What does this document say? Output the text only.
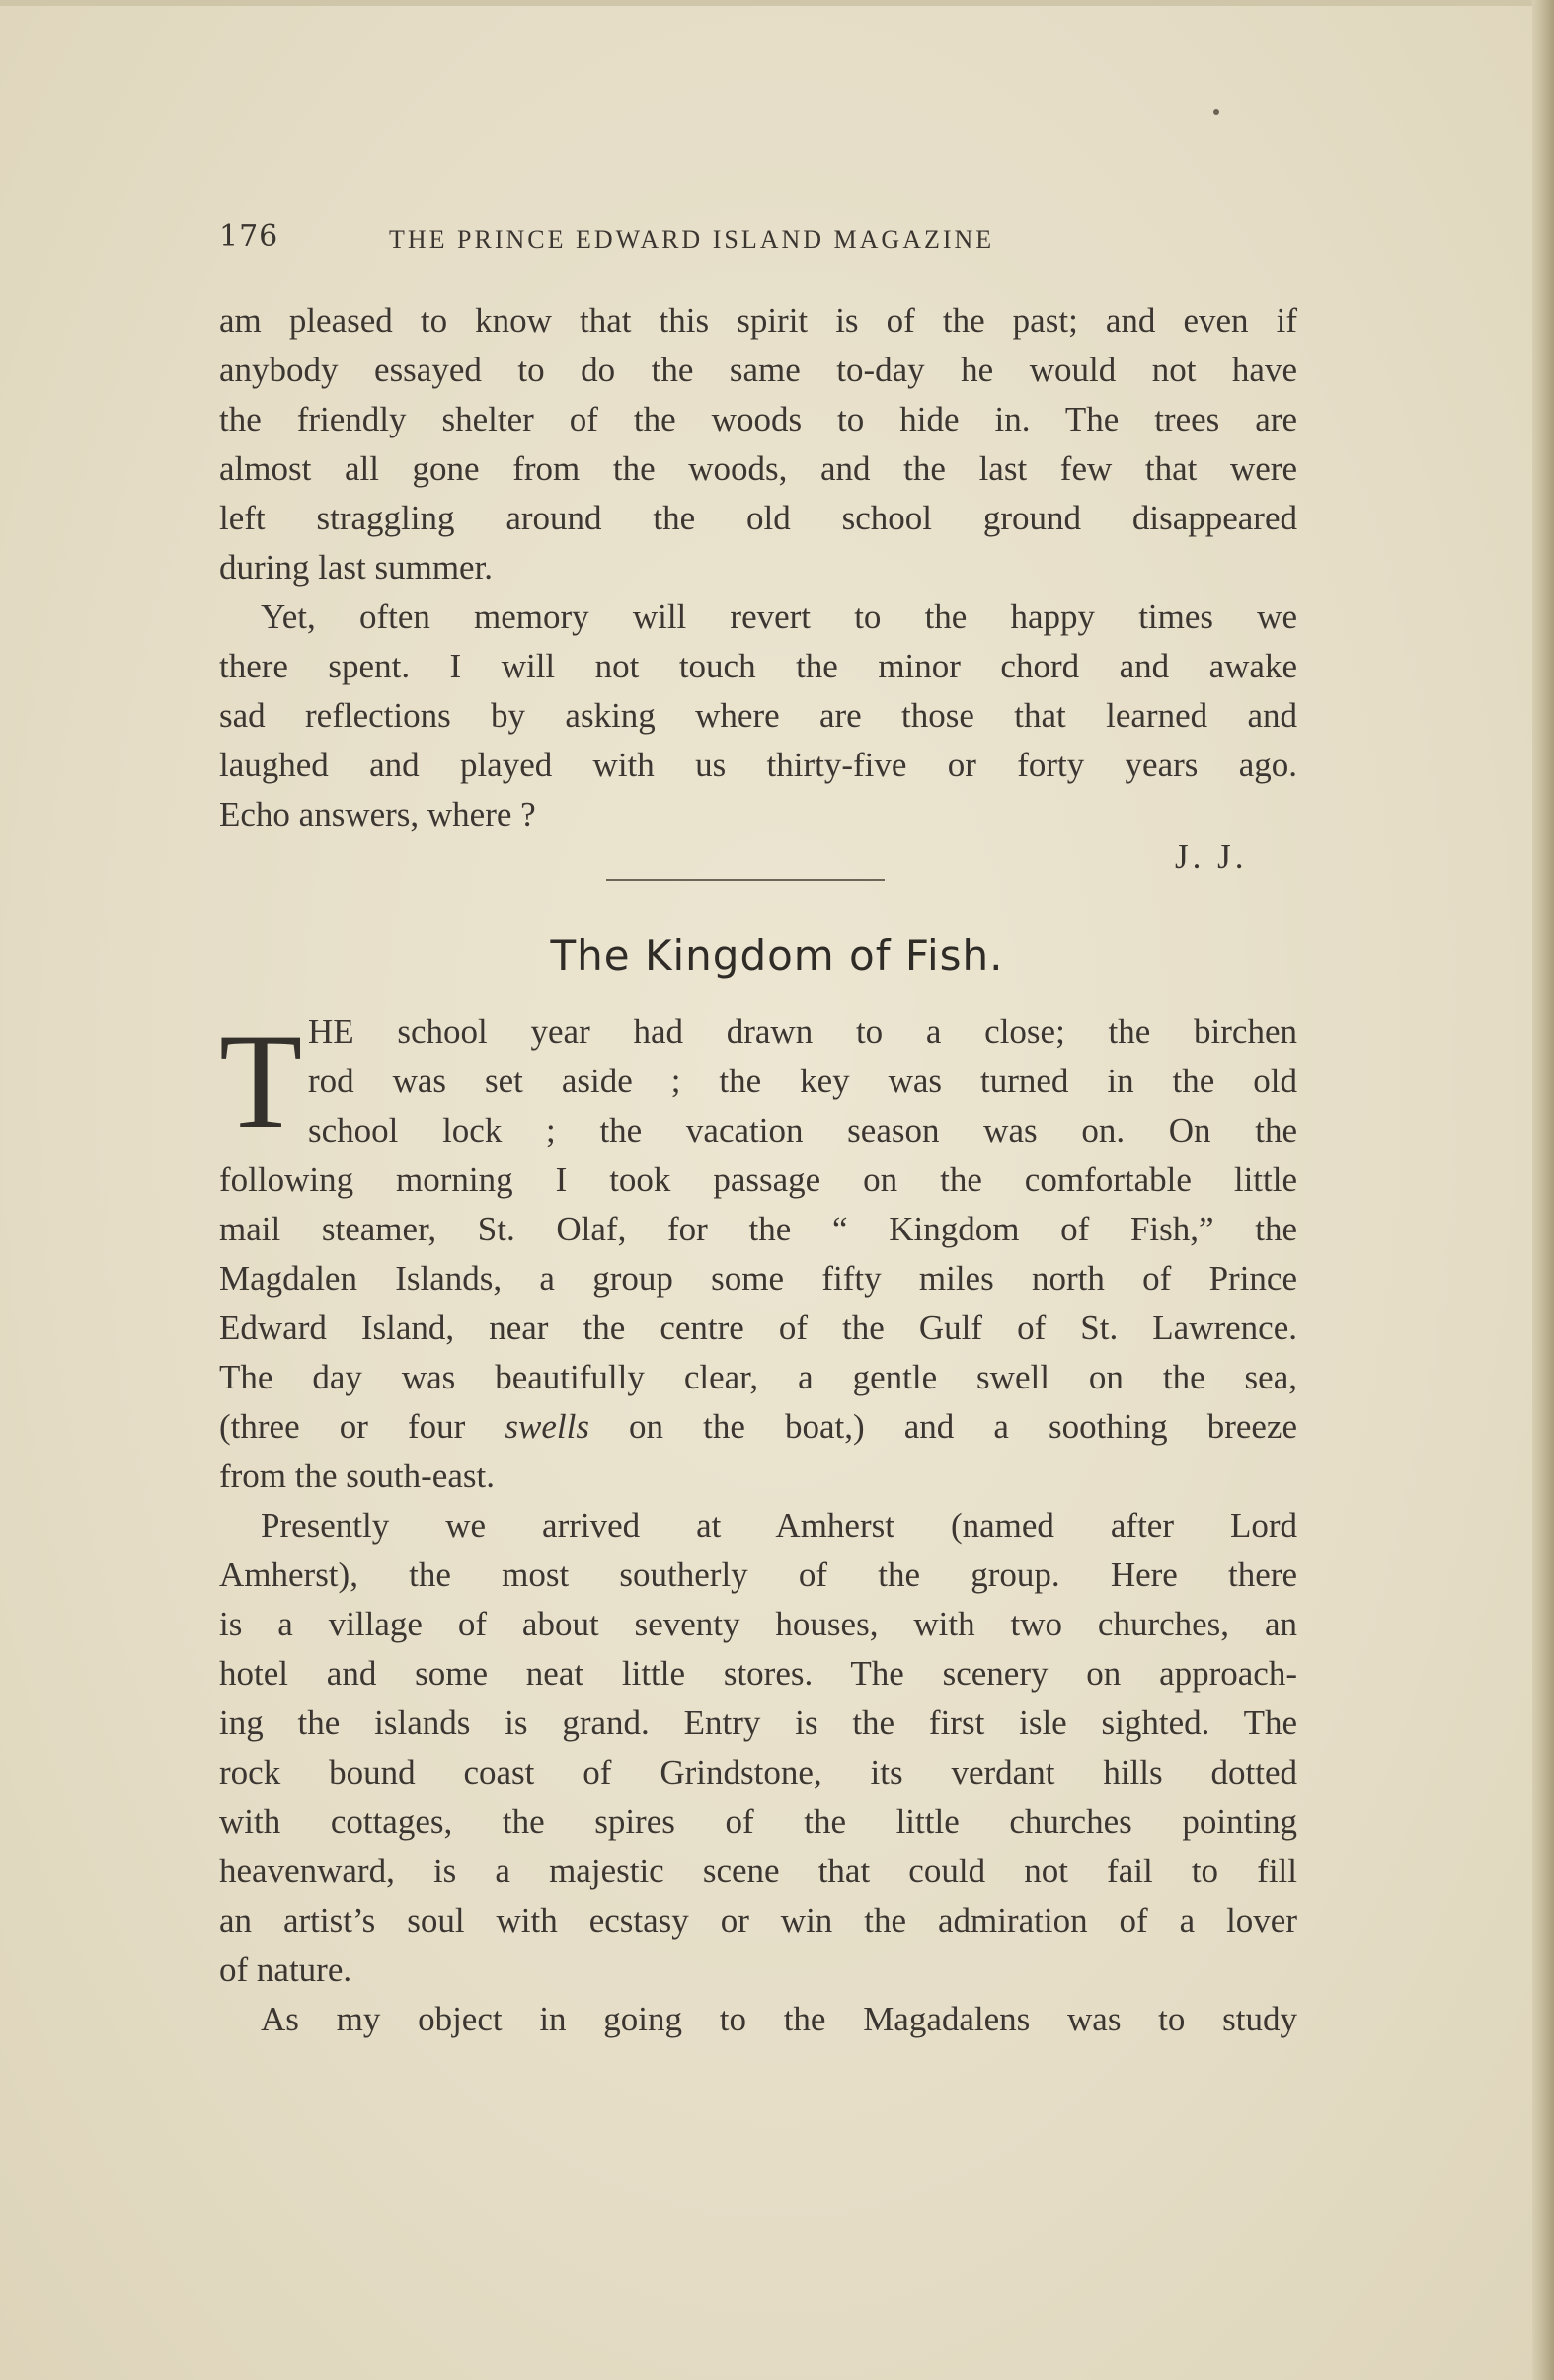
176	THE PRINCE EDWARD ISLAND MAGAZINE

am pleased to know that this spirit is of the past; and even if

anybody essayed to do the same to-day he would not have

the friendly shelter of the woods to hide in. The trees are

almost all gone from the woods, and the last few that were

left straggling around the old school ground disappeared

during last summer.

Yet, often memory will revert to the happy times we

there spent. I will not touch the minor chord and awake

sad reflections by asking where are those that learned and

laughed and played with us thirty-five or forty years ago.

Echo answers, where ?

J. J.
The Kingdom of Fish.
T HE school year had drawn to a close; the birchen

rod was set aside ; the key was turned in the old

school lock ; the vacation season was on. On the

following morning I took passage on the comfortable little

mail steamer, St. Olaf, for the “ Kingdom of Fish,” the

Magdalen Islands, a group some fifty miles north of Prince

Edward Island, near the centre of the Gulf of St. Lawrence.

The day was beautifully clear, a gentle swell on the sea,

(three or four swells on the boat,) and a soothing breeze

from the south-east.

Presently we arrived at Amherst (named after Lord

Amherst), the most southerly of the group. Here there

is a village of about seventy houses, with two churches, an

hotel and some neat little stores. The scenery on approach-

ing the islands is grand. Entry is the first isle sighted. The

rock bound coast of Grindstone, its verdant hills dotted

with cottages, the spires of the little churches pointing

heavenward, is a majestic scene that could not fail to fill

an artist’s soul with ecstasy or win the admiration of a lover

of nature.

As my object in going to the Magadalens was to study
